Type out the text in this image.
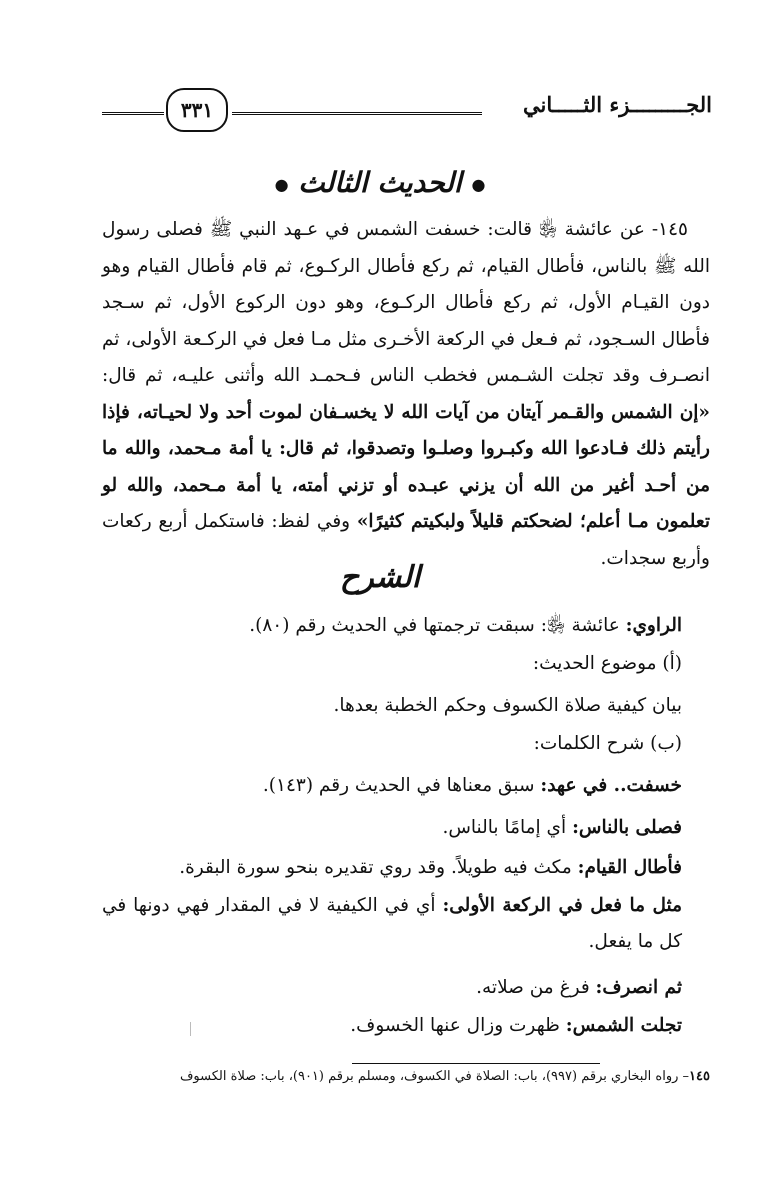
الجـــــــــزء الثـــــاني
٣٣١
● الحديث الثالث ●

١٤٥- عن عائشة ﵂ قالت: خسفت الشمس في عـهد النبي ﷺ فصلى رسول الله ﷺ بالناس، فأطال القيام، ثم ركع فأطال الركـوع، ثم قام فأطال القيام وهو دون القيـام الأول، ثم ركع فأطال الركـوع، وهو دون الركوع الأول، ثم سـجد فأطال السـجود، ثم فـعل في الركعة الأخـرى مثل مـا فعل في الركـعة الأولى، ثم انصـرف وقد تجلت الشـمس فخطب الناس فـحمـد الله وأثنى عليـه، ثم قال: «إن الشمس والقـمر آيتان من آيات الله لا يخسـفان لموت أحد ولا لحيـاته، فإذا رأيتم ذلك فـادعوا الله وكبـروا وصلـوا وتصدقوا، ثم قال: يا أمة مـحمد، والله ما من أحـد أغير من الله أن يزني عبـده أو تزني أمته، يا أمة مـحمد، والله لو تعلمون مـا أعلم؛ لضحكتم قليلاً ولبكيتم كثيرًا» وفي لفظ: فاستكمل أربع ركعات وأربع سجدات.

الشرح
الراوي: عائشة ﵂: سبقت ترجمتها في الحديث رقم (٨٠).
(أ) موضوع الحديث:
بيان كيفية صلاة الكسوف وحكم الخطبة بعدها.
(ب) شرح الكلمات:
خسفت.. في عهد: سبق معناها في الحديث رقم (١٤٣).
فصلى بالناس: أي إمامًا بالناس.
فأطال القيام: مكث فيه طويلاً. وقد روي تقديره بنحو سورة البقرة.
مثل ما فعل في الركعة الأولى: أي في الكيفية لا في المقدار فهي دونها في كل ما يفعل.
ثم انصرف: فرغ من صلاته.
تجلت الشمس: ظهرت وزال عنها الخسوف.
١٤٥– رواه البخاري برقم (٩٩٧)، باب: الصلاة في الكسوف، ومسلم برقم (٩٠١)، باب: صلاة الكسوف
